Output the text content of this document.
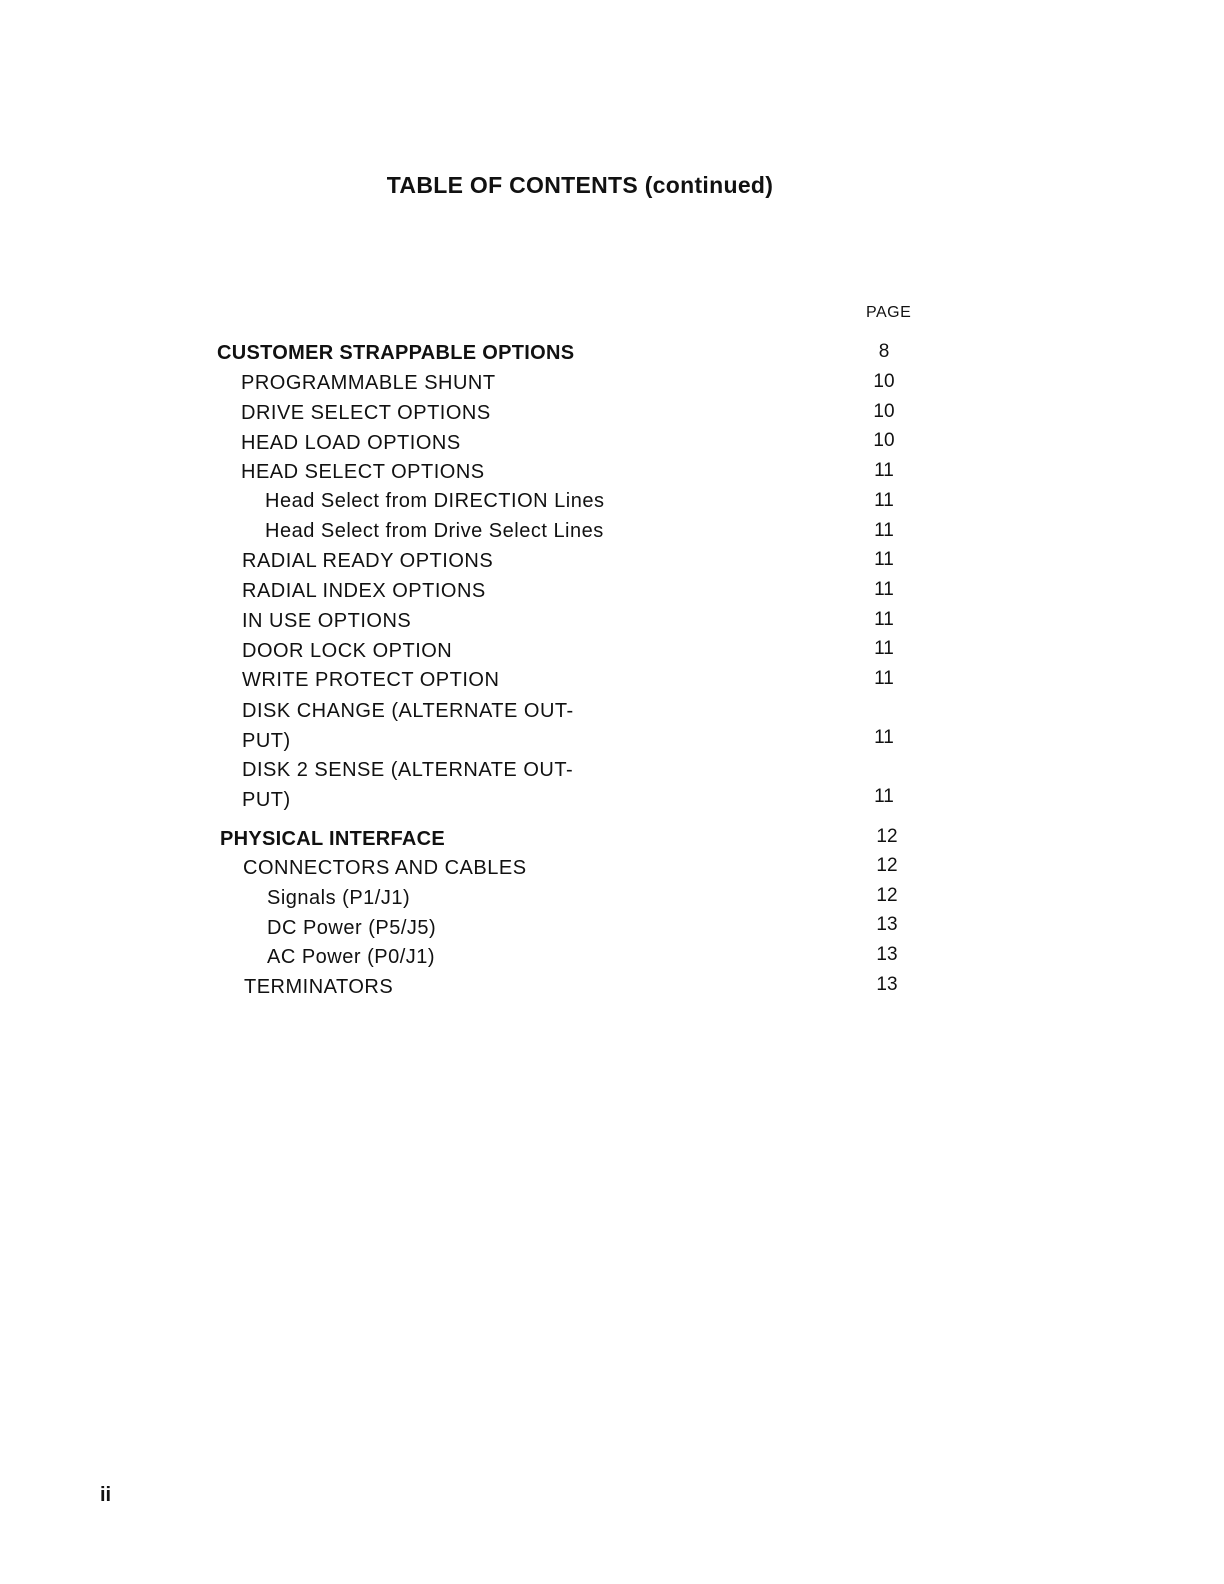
TABLE OF CONTENTS (continued)
PAGE
CUSTOMER STRAPPABLE OPTIONS	8
PROGRAMMABLE SHUNT	10
DRIVE SELECT OPTIONS	10
HEAD LOAD OPTIONS	10
HEAD SELECT OPTIONS	11
Head Select from DIRECTION Lines	11
Head Select from Drive Select Lines	11
RADIAL READY OPTIONS	11
RADIAL INDEX OPTIONS	11
IN USE OPTIONS	11
DOOR LOCK OPTION	11
WRITE PROTECT OPTION	11
DISK CHANGE (ALTERNATE OUT-
PUT)	11
DISK 2 SENSE (ALTERNATE OUT-
PUT)	11
PHYSICAL INTERFACE	12
CONNECTORS AND CABLES	12
Signals (P1/J1)	12
DC Power (P5/J5)	13
AC Power (P0/J1)	13
TERMINATORS	13
ii
